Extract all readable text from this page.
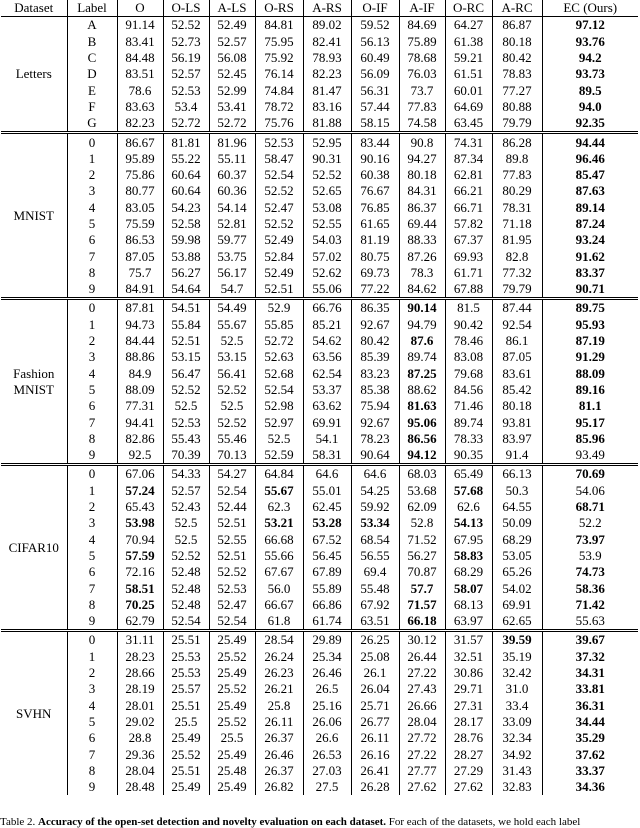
Dataset	Label	O	O-LS	A-LS	O-RS	A-RS	O-IF	A-IF	O-RC	A-RC	EC (Ours)

Letters	A	91.14	52.52	52.49	84.81	89.02	59.52	84.69	64.27	86.87	97.12
	B	83.41	52.73	52.57	75.95	82.41	56.13	75.89	61.38	80.18	93.76
	C	84.48	56.19	56.08	75.92	78.93	60.49	78.68	59.21	80.42	94.2
	D	83.51	52.57	52.45	76.14	82.23	56.09	76.03	61.51	78.83	93.73
	E	78.6	52.53	52.99	74.84	81.47	56.31	73.7	60.01	77.27	89.5
	F	83.63	53.4	53.41	78.72	83.16	57.44	77.83	64.69	80.88	94.0
	G	82.23	52.72	52.72	75.76	81.88	58.15	74.58	63.45	79.79	92.35

MNIST	0	86.67	81.81	81.96	52.53	52.95	83.44	90.8	74.31	86.28	94.44
	1	95.89	55.22	55.11	58.47	90.31	90.16	94.27	87.34	89.8	96.46
	2	75.86	60.64	60.37	52.54	52.52	60.38	80.18	62.81	77.83	85.47
	3	80.77	60.64	60.36	52.52	52.65	76.67	84.31	66.21	80.29	87.63
	4	83.05	54.23	54.14	52.47	53.08	76.85	86.37	66.71	78.31	89.14
	5	75.59	52.58	52.81	52.52	52.55	61.65	69.44	57.82	71.18	87.24
	6	86.53	59.98	59.77	52.49	54.03	81.19	88.33	67.37	81.95	93.24
	7	87.05	53.88	53.75	52.84	57.02	80.75	87.26	69.93	82.8	91.62
	8	75.7	56.27	56.17	52.49	52.62	69.73	78.3	61.71	77.32	83.37
	9	84.91	54.64	54.7	52.51	55.06	77.22	84.62	67.88	79.79	90.71

Fashion
MNIST	0	87.81	54.51	54.49	52.9	66.76	86.35	90.14	81.5	87.44	89.75
	1	94.73	55.84	55.67	55.85	85.21	92.67	94.79	90.42	92.54	95.93
	2	84.44	52.51	52.5	52.72	54.62	80.42	87.6	78.46	86.1	87.19
	3	88.86	53.15	53.15	52.63	63.56	85.39	89.74	83.08	87.05	91.29
	4	84.9	56.47	56.41	52.68	62.54	83.23	87.25	79.68	83.61	88.09
	5	88.09	52.52	52.52	52.54	53.37	85.38	88.62	84.56	85.42	89.16
	6	77.31	52.5	52.5	52.98	63.62	75.94	81.63	71.46	80.18	81.1
	7	94.41	52.53	52.52	52.97	69.91	92.67	95.06	89.74	93.81	95.17
	8	82.86	55.43	55.46	52.5	54.1	78.23	86.56	78.33	83.97	85.96
	9	92.5	70.39	70.13	52.59	58.31	90.64	94.12	90.35	91.4	93.49

CIFAR10	0	67.06	54.33	54.27	64.84	64.6	64.6	68.03	65.49	66.13	70.69
	1	57.24	52.57	52.54	55.67	55.01	54.25	53.68	57.68	50.3	54.06
	2	65.43	52.43	52.44	62.3	62.45	59.92	62.09	62.6	64.55	68.71
	3	53.98	52.5	52.51	53.21	53.28	53.34	52.8	54.13	50.09	52.2
	4	70.94	52.5	52.55	66.68	67.52	68.54	71.52	67.95	68.29	73.97
	5	57.59	52.52	52.51	55.66	56.45	56.55	56.27	58.83	53.05	53.9
	6	72.16	52.48	52.52	67.67	67.89	69.4	70.87	68.29	65.26	74.73
	7	58.51	52.48	52.53	56.0	55.89	55.48	57.7	58.07	54.02	58.36
	8	70.25	52.48	52.47	66.67	66.86	67.92	71.57	68.13	69.91	71.42
	9	62.79	52.54	52.54	61.8	61.74	63.51	66.18	63.97	62.65	55.63

SVHN	0	31.11	25.51	25.49	28.54	29.89	26.25	30.12	31.57	39.59	39.67
	1	28.23	25.53	25.52	26.24	25.34	25.08	26.44	32.51	35.19	37.32
	2	28.66	25.53	25.49	26.23	26.46	26.1	27.22	30.86	32.42	34.31
	3	28.19	25.57	25.52	26.21	26.5	26.04	27.43	29.71	31.0	33.81
	4	28.01	25.51	25.49	25.8	25.16	25.71	26.66	27.31	33.4	36.31
	5	29.02	25.5	25.52	26.11	26.06	26.77	28.04	28.17	33.09	34.44
	6	28.8	25.49	25.5	26.37	26.6	26.11	27.72	28.76	32.34	35.29
	7	29.36	25.52	25.49	26.46	26.53	26.16	27.22	28.27	34.92	37.62
	8	28.04	25.51	25.48	26.37	27.03	26.41	27.77	27.29	31.43	33.37
	9	28.48	25.49	25.49	26.82	27.5	26.28	27.62	27.62	32.83	34.36
Table 2. Accuracy of the open-set detection and novelty evaluation on each dataset. For each of the datasets, we hold each label
